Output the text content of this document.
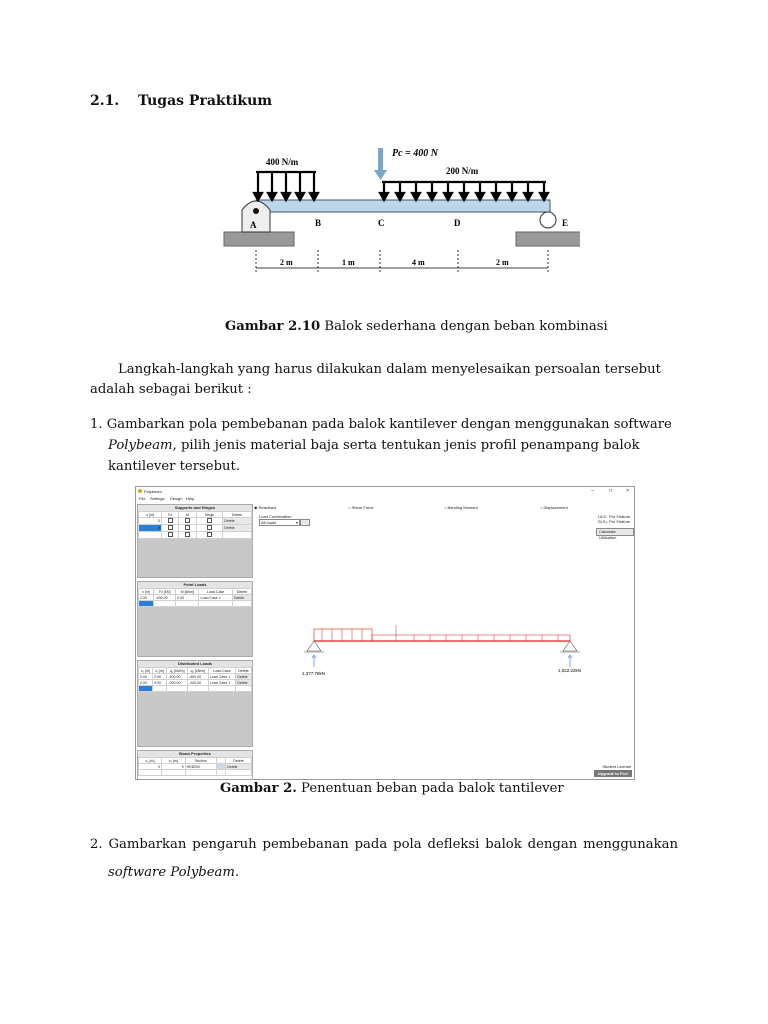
2.1. Tugas Praktikum
Pc = 400 N
400 N/m
200 N/m
A	B	C	D	E
2 m	1 m	4 m	2 m
Gambar 2.10 Balok sederhana dengan beban kombinasi
Langkah-langkah yang harus dilakukan dalam menyelesaikan persoalan tersebut
adalah sebagai berikut :
1. Gambarkan pola pembebanan pada balok kantilever dengan menggunakan software
Polybeam, pilih jenis material baja serta tentukan jenis profil penampang balok
kantilever tersebut.
Polybeam	–	□	×
File Settings Design Help
Supports and Hinges
x [m]	Fz	M	Hinge	Delete
0				Delete
9				Delete

Point Loads
x [m]	Fz [kN]	M [kNm]	Load Case	Delete
2.00	-400.00	0.00	Load Case 1	Delete

Distributed Loads
x₁ [m]	x₂ [m]	q₁ [kN/m]	q₂ [kN/m]	Load Case	Delete
0.00	2.00	-400.00	-400.00	Load Case 1	Delete
2.00	9.00	-200.00	-200.00	Load Case 1	Delete

Beam Properties
x₁ [m]	x₂ [m]	Section		Delete
0	9	HEB200		Delete

◉ Reactions	○ Shear Force	○ Bending Moment	○ Displacement
Load Combination
All loads	▾
ULS: Pro Feature
SLS₁: Pro Feature
Calculate Utilization
1,377.78kN
1,022.22kN
Student License
Upgrade to Pro!
Gambar 2. Penentuan beban pada balok tantilever
2. Gambarkan pengaruh pembebanan pada pola defleksi balok dengan menggunakan
software Polybeam.
